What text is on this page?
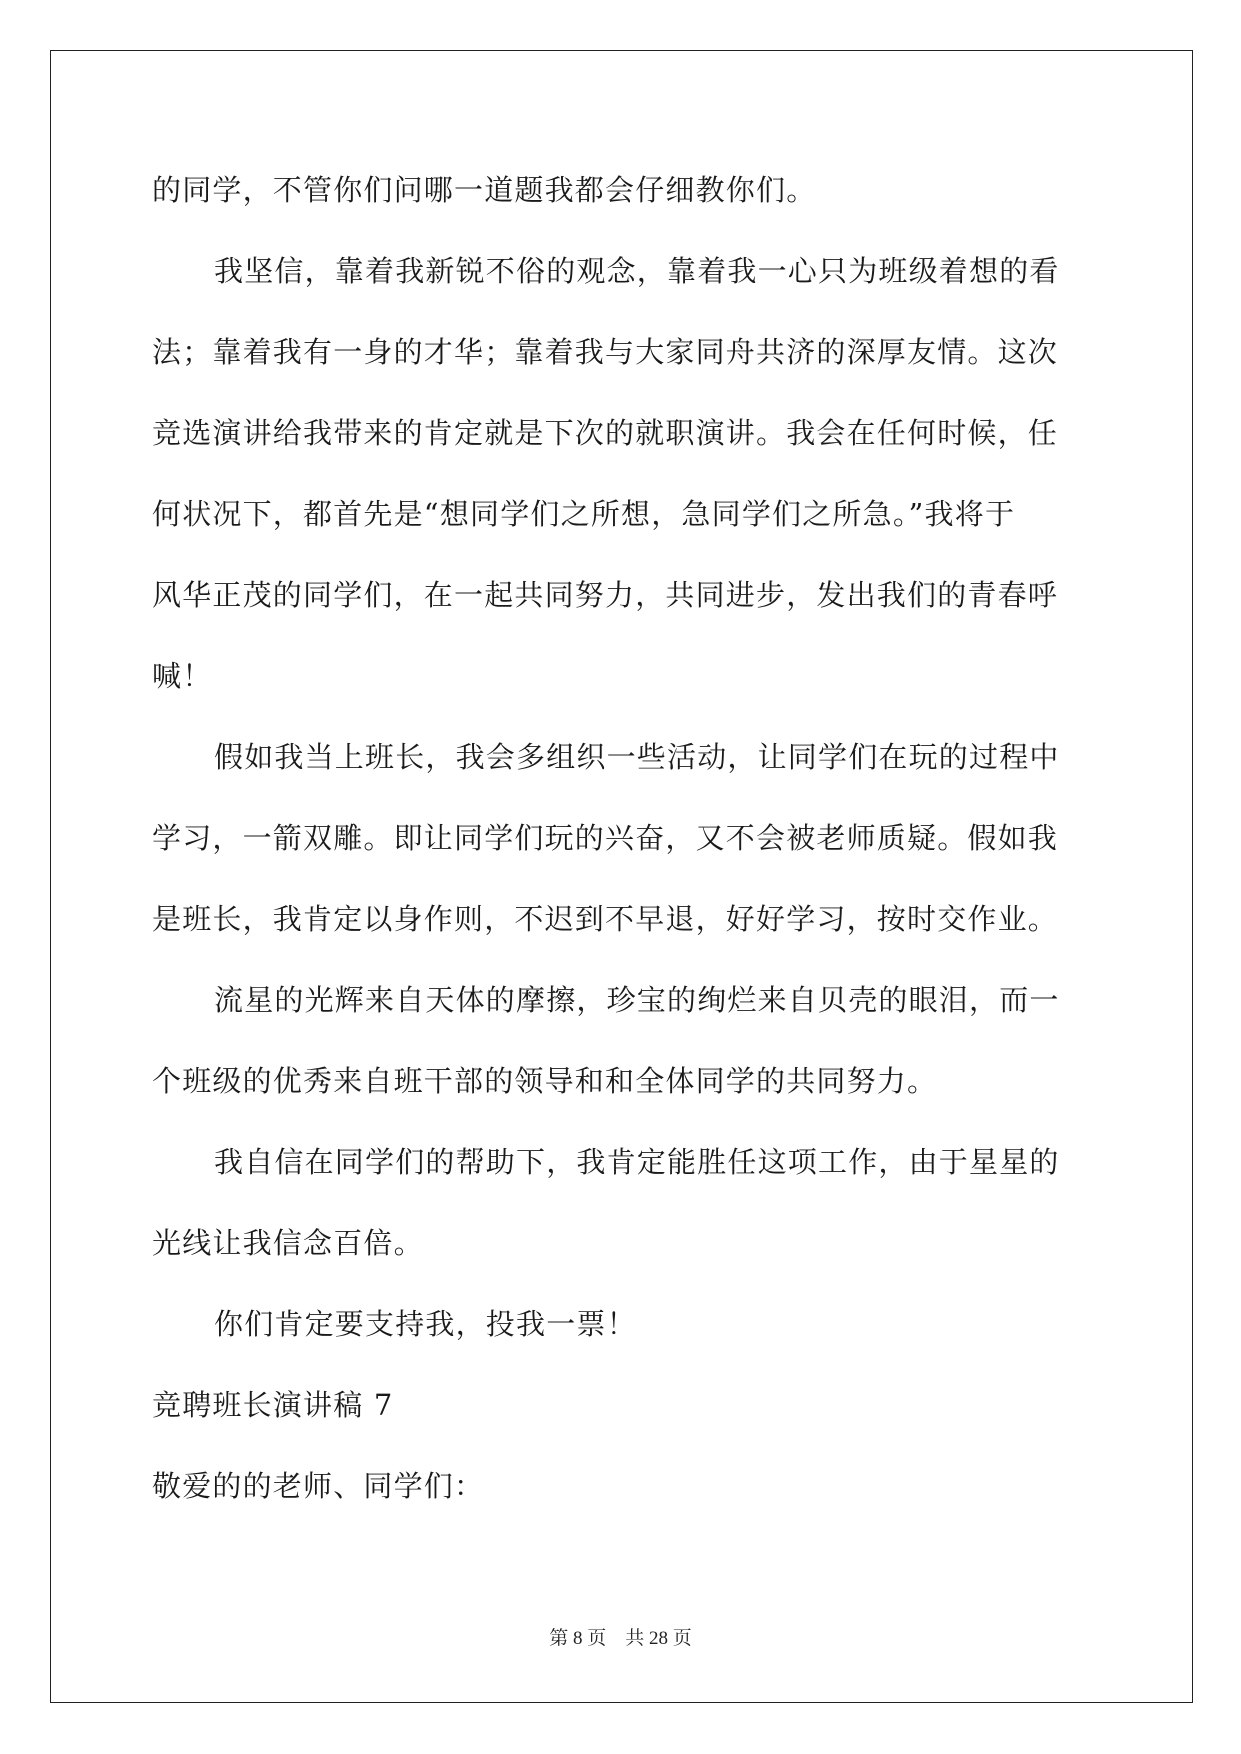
的同学，不管你们问哪一道题我都会仔细教你们。
我坚信，靠着我新锐不俗的观念，靠着我一心只为班级着想的看
法；靠着我有一身的才华；靠着我与大家同舟共济的深厚友情。这次
竞选演讲给我带来的肯定就是下次的就职演讲。我会在任何时候，任
何状况下，都首先是“想同学们之所想，急同学们之所急。”我将于
风华正茂的同学们，在一起共同努力，共同进步，发出我们的青春呼
喊！
假如我当上班长，我会多组织一些活动，让同学们在玩的过程中
学习，一箭双雕。即让同学们玩的兴奋，又不会被老师质疑。假如我
是班长，我肯定以身作则，不迟到不早退，好好学习，按时交作业。
流星的光辉来自天体的摩擦，珍宝的绚烂来自贝壳的眼泪，而一
个班级的优秀来自班干部的领导和和全体同学的共同努力。
我自信在同学们的帮助下，我肯定能胜任这项工作，由于星星的
光线让我信念百倍。
你们肯定要支持我，投我一票！
竞聘班长演讲稿 7
敬爱的的老师、同学们：
第 8 页　共 28 页
